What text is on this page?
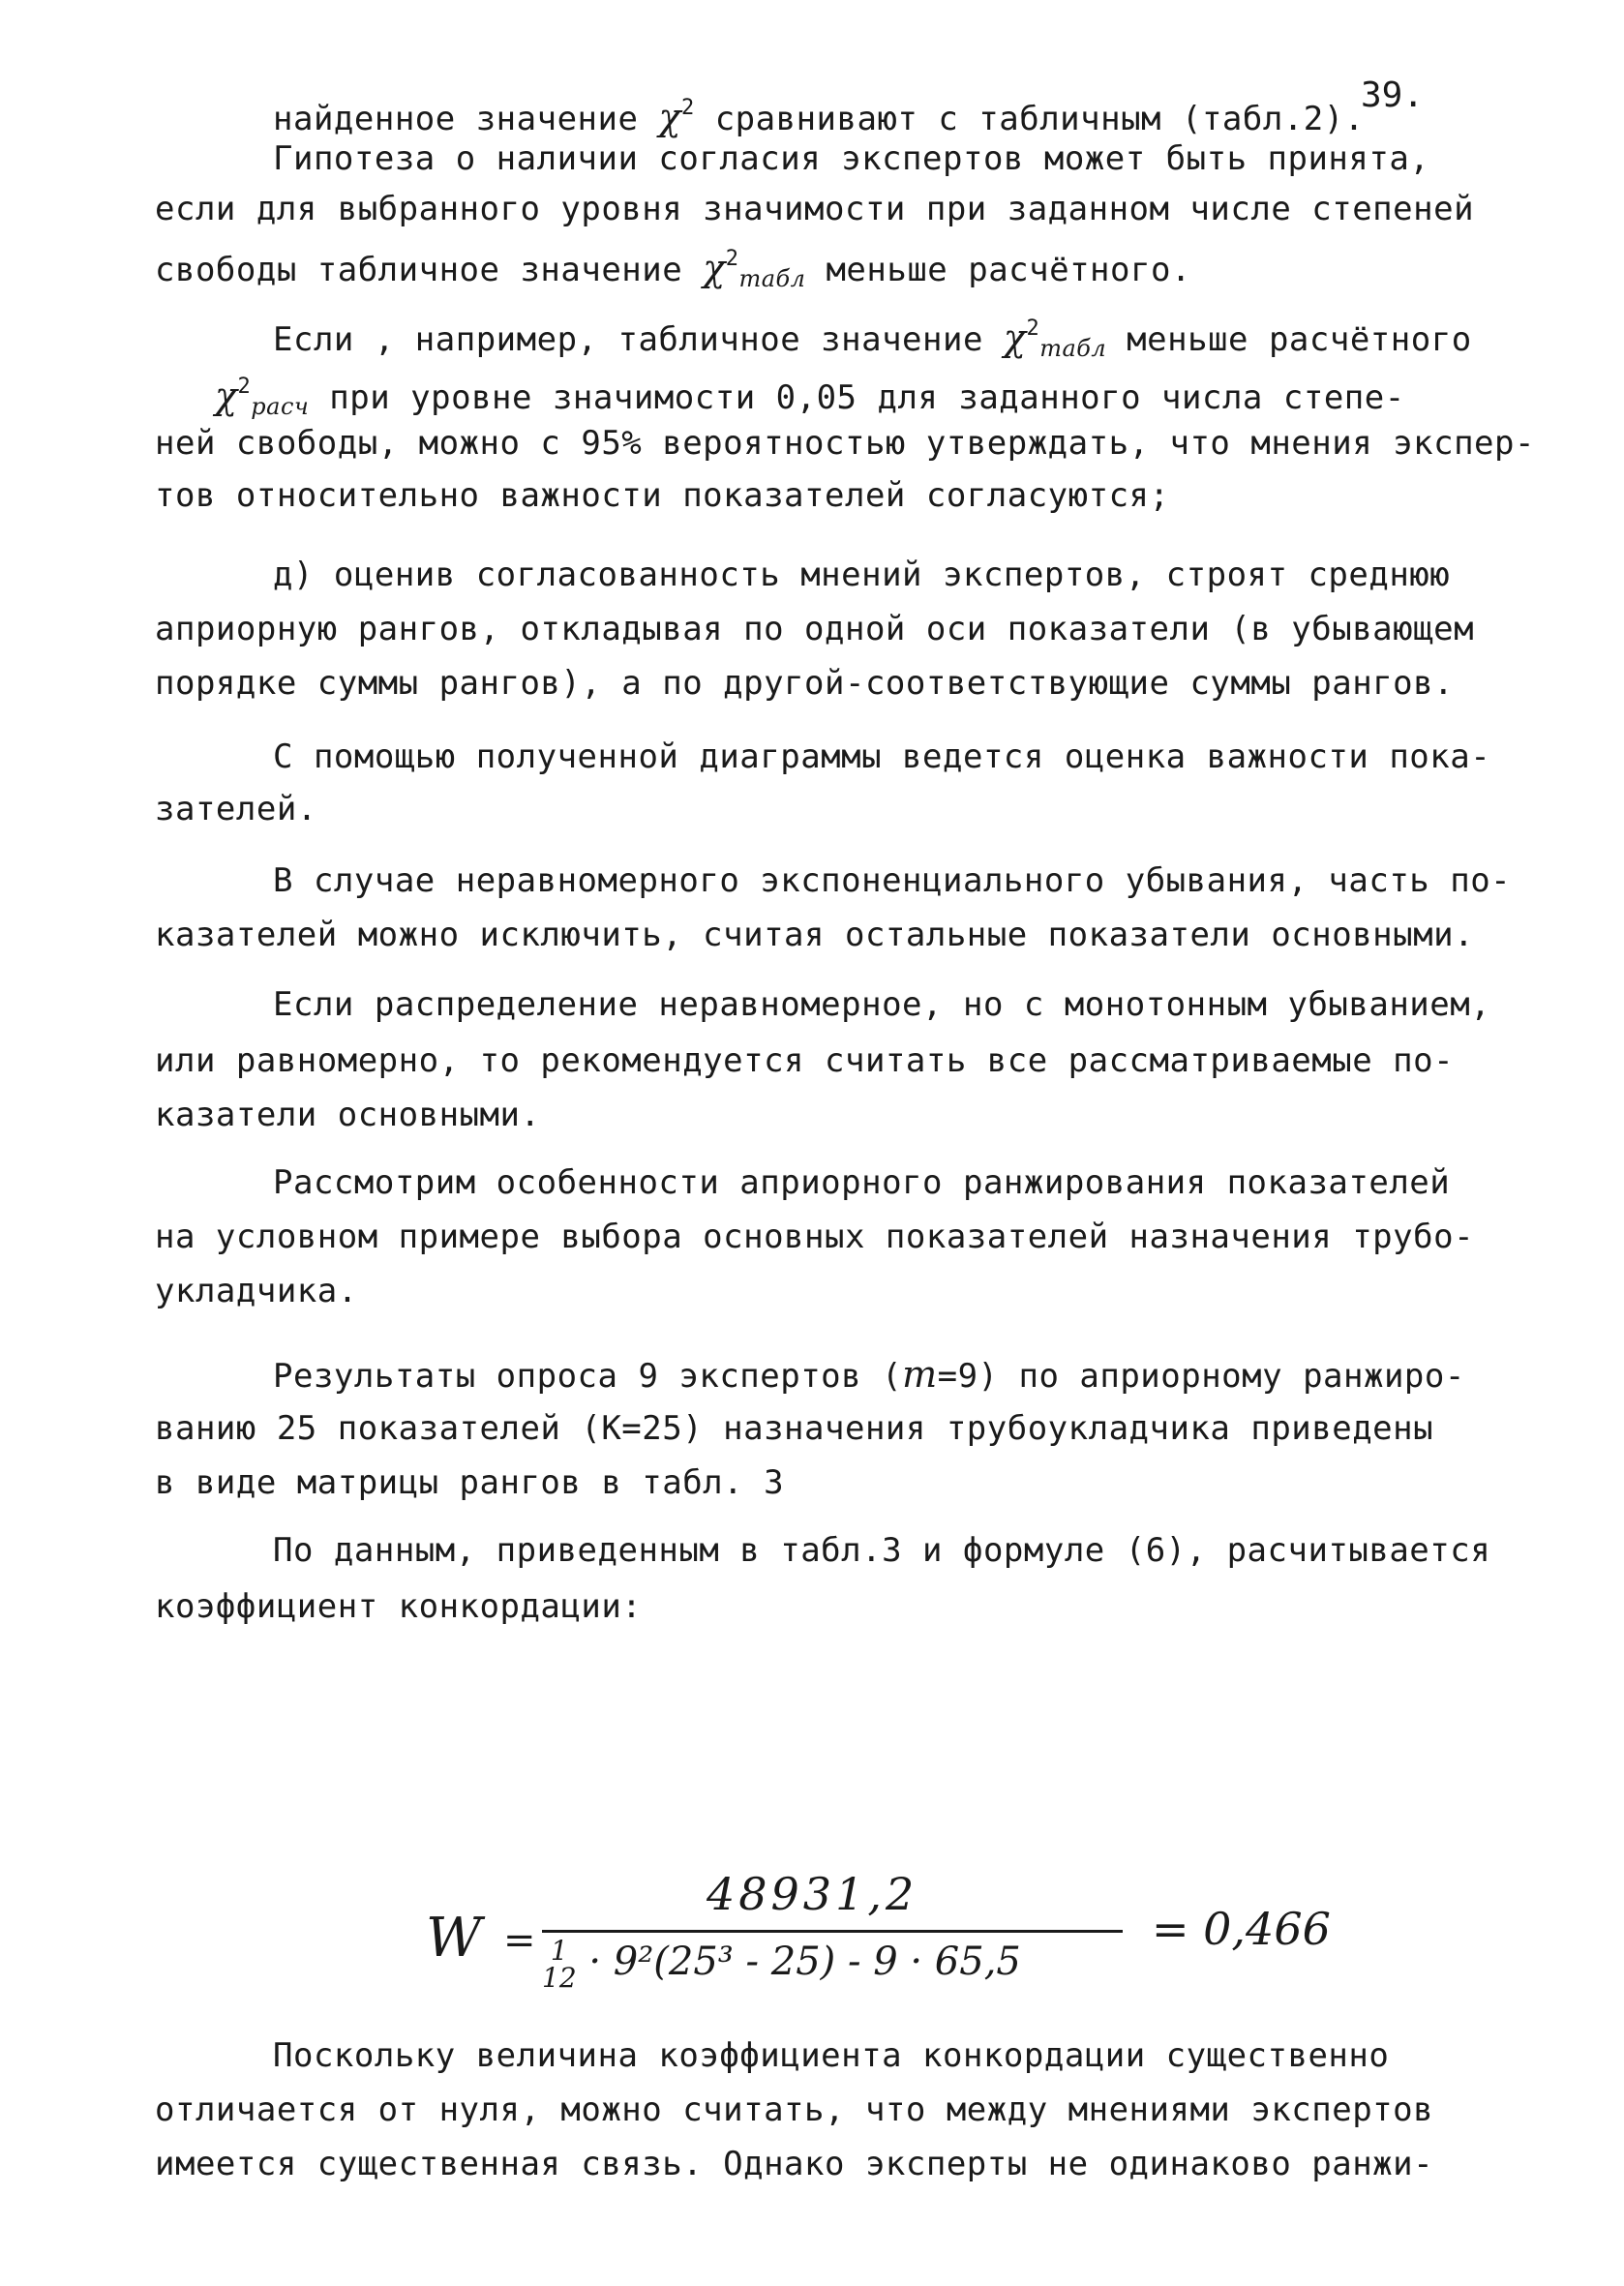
39.
найденное значение $\chi^2$ сравнивают с табличным (табл.2).
Гипотеза о наличии согласия экспертов может быть принята,
если для выбранного уровня значимости при заданном числе степеней
свободы табличное значение $\chi^2_{табл}$ меньше расчётного.
Если , например, табличное значение $\chi^2_{табл}$ меньше расчётного
$\chi^2_{расч}$ при уровне значимости 0,05 для заданного числа степе-
ней свободы, можно с 95% вероятностью утверждать, что мнения экспер-
тов относительно важности показателей согласуются;
д) оценив согласованность мнений экспертов, строят среднюю
априорную рангов, откладывая по одной оси показатели (в убывающем
порядке суммы рангов), а по другой-соответствующие суммы рангов.
С помощью полученной диаграммы ведется оценка важности пока-
зателей.
В случае неравномерного экспоненциального убывания, часть по-
казателей можно исключить, считая остальные показатели основными.
Если распределение неравномерное, но с монотонным убыванием,
или равномерно, то рекомендуется считать все рассматриваемые по-
казатели основными.
Рассмотрим особенности априорного ранжирования показателей
на условном примере выбора основных показателей назначения трубо-
укладчика.
Результаты опроса 9 экспертов (m=9) по априорному ранжиро-
ванию 25 показателей (К=25) назначения трубоукладчика приведены
в виде матрицы рангов в табл. 3
По данным, приведенным в табл.3 и формуле (6), расчитывается
коэффициент конкордации:
W =
48931,2
1
12 · 9²(25³ - 25) - 9 · 65,5
= 0,466
Поскольку величина коэффициента конкордации существенно
отличается от нуля, можно считать, что между мнениями экспертов
имеется существенная связь. Однако эксперты не одинаково ранжи-
